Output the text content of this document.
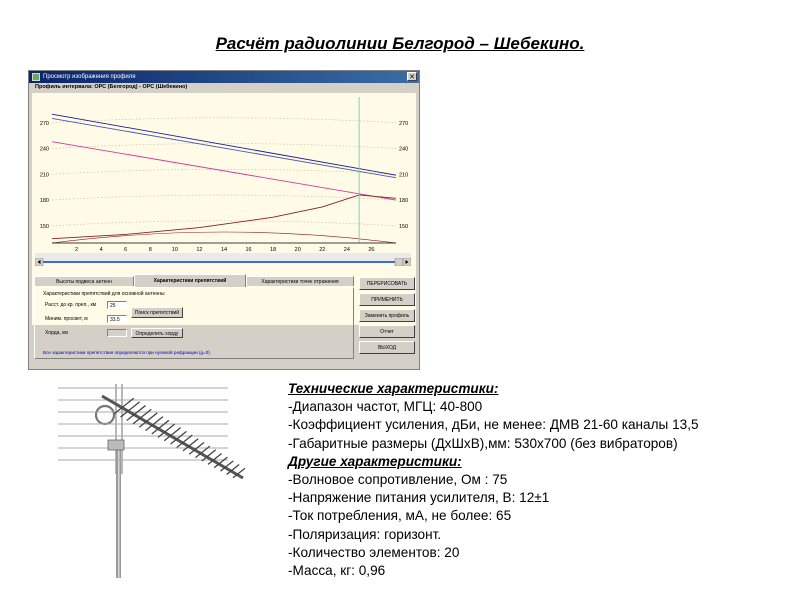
Расчёт радиолинии Белгород – Шебекино.
Просмотр изображения профиля	✕
Профиль интервала: ОРС (Белгород) - ОРС (Шебекино)
270
240
210
180
150
270
240
210
180
150
2	4	6	8	10	12	14	16	18	20	22	24	26
Высоты подвеса антенн	Характеристики препятствий	Характеристики точек отражения
Характеристики препятствий для основной антенны
Расст. до кр. преп., км	25
Миним. просвет, м	33.5
Хорда, км
Поиск препятствий
Определить хорду
Все характеристики препятствия определяются при нулевой рефракции (g=0)
ПЕРЕРИСОВАТЬ
ПРИМЕНИТЬ
Заменить профиль
Отчет
ВЫХОД
Технические характеристики:
-Диапазон частот, МГЦ: 40-800
-Коэффициент усиления, дБи, не менее: ДМВ 21-60 каналы 13,5
-Габаритные размеры (ДхШхВ),мм: 530х700 (без вибраторов)
Другие характеристики:
-Волновое сопротивление, Ом : 75
-Напряжение питания усилителя, В: 12±1
-Ток потребления, мА, не более: 65
-Поляризация: горизонт.
-Количество элементов: 20
-Масса, кг: 0,96
